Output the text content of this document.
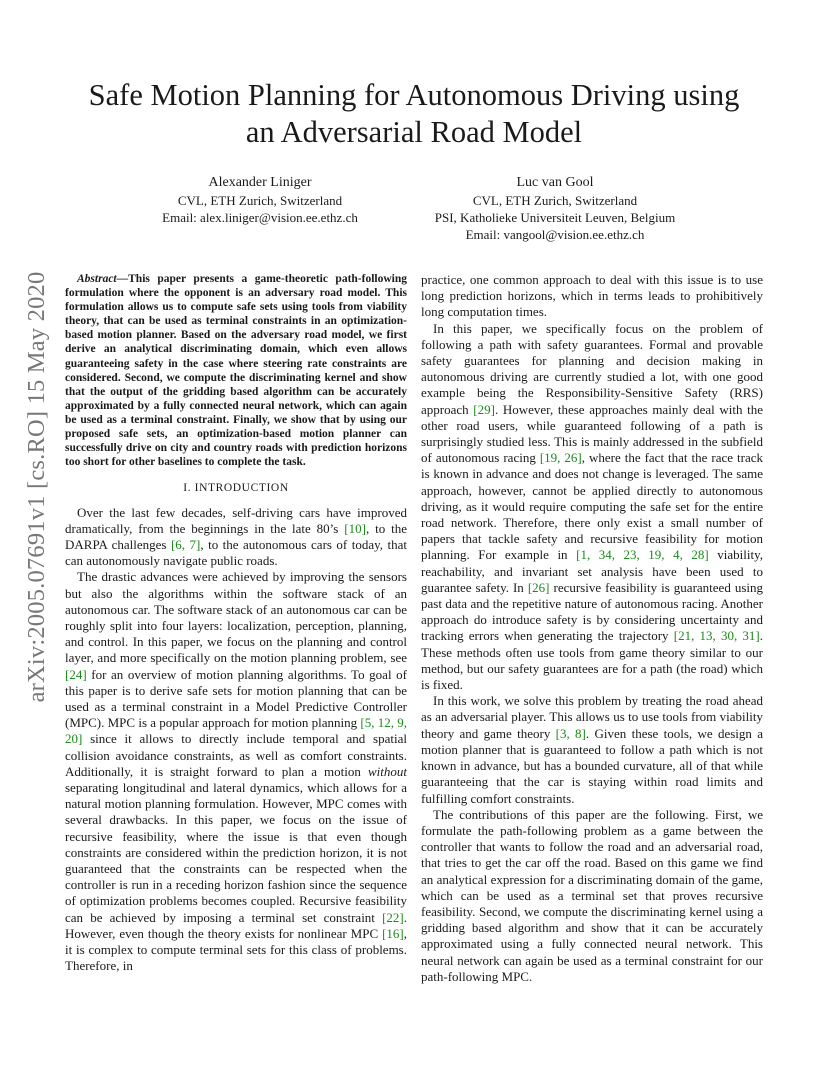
arXiv:2005.07691v1 [cs.RO] 15 May 2020
Safe Motion Planning for Autonomous Driving using an Adversarial Road Model
Alexander Liniger
CVL, ETH Zurich, Switzerland
Email: alex.liniger@vision.ee.ethz.ch
Luc van Gool
CVL, ETH Zurich, Switzerland
PSI, Katholieke Universiteit Leuven, Belgium
Email: vangool@vision.ee.ethz.ch

Abstract—This paper presents a game-theoretic path-following formulation where the opponent is an adversary road model. This formulation allows us to compute safe sets using tools from viability theory, that can be used as terminal constraints in an optimization-based motion planner. Based on the adversary road model, we first derive an analytical discriminating domain, which even allows guaranteeing safety in the case where steering rate constraints are considered. Second, we compute the discriminating kernel and show that the output of the gridding based algorithm can be accurately approximated by a fully connected neural network, which can again be used as a terminal constraint. Finally, we show that by using our proposed safe sets, an optimization-based motion planner can successfully drive on city and country roads with prediction horizons too short for other baselines to complete the task.

I. INTRODUCTION

Over the last few decades, self-driving cars have improved dramatically, from the beginnings in the late 80’s [10], to the DARPA challenges [6, 7], to the autonomous cars of today, that can autonomously navigate public roads.

The drastic advances were achieved by improving the sensors but also the algorithms within the software stack of an autonomous car. The software stack of an autonomous car can be roughly split into four layers: localization, perception, planning, and control. In this paper, we focus on the planning and control layer, and more specifically on the motion planning problem, see [24] for an overview of motion planning algorithms. To goal of this paper is to derive safe sets for motion planning that can be used as a terminal constraint in a Model Predictive Controller (MPC). MPC is a popular approach for motion planning [5, 12, 9, 20] since it allows to directly include temporal and spatial collision avoidance constraints, as well as comfort constraints. Additionally, it is straight forward to plan a motion without separating longitudinal and lateral dynamics, which allows for a natural motion planning formulation. However, MPC comes with several drawbacks. In this paper, we focus on the issue of recursive feasibility, where the issue is that even though constraints are considered within the prediction horizon, it is not guaranteed that the constraints can be respected when the controller is run in a receding horizon fashion since the sequence of optimization problems becomes coupled. Recursive feasibility can be achieved by imposing a terminal set constraint [22]. However, even though the theory exists for nonlinear MPC [16], it is complex to compute terminal sets for this class of problems. Therefore, in

practice, one common approach to deal with this issue is to use long prediction horizons, which in terms leads to prohibitively long computation times.

In this paper, we specifically focus on the problem of following a path with safety guarantees. Formal and provable safety guarantees for planning and decision making in autonomous driving are currently studied a lot, with one good example being the Responsibility-Sensitive Safety (RRS) approach [29]. However, these approaches mainly deal with the other road users, while guaranteed following of a path is surprisingly studied less. This is mainly addressed in the subfield of autonomous racing [19, 26], where the fact that the race track is known in advance and does not change is leveraged. The same approach, however, cannot be applied directly to autonomous driving, as it would require computing the safe set for the entire road network. Therefore, there only exist a small number of papers that tackle safety and recursive feasibility for motion planning. For example in [1, 34, 23, 19, 4, 28] viability, reachability, and invariant set analysis have been used to guarantee safety. In [26] recursive feasibility is guaranteed using past data and the repetitive nature of autonomous racing. Another approach do introduce safety is by considering uncertainty and tracking errors when generating the trajectory [21, 13, 30, 31]. These methods often use tools from game theory similar to our method, but our safety guarantees are for a path (the road) which is fixed.

In this work, we solve this problem by treating the road ahead as an adversarial player. This allows us to use tools from viability theory and game theory [3, 8]. Given these tools, we design a motion planner that is guaranteed to follow a path which is not known in advance, but has a bounded curvature, all of that while guaranteeing that the car is staying within road limits and fulfilling comfort constraints.

The contributions of this paper are the following. First, we formulate the path-following problem as a game between the controller that wants to follow the road and an adversarial road, that tries to get the car off the road. Based on this game we find an analytical expression for a discriminating domain of the game, which can be used as a terminal set that proves recursive feasibility. Second, we compute the discriminating kernel using a gridding based algorithm and show that it can be accurately approximated using a fully connected neural network. This neural network can again be used as a terminal constraint for our path-following MPC.
